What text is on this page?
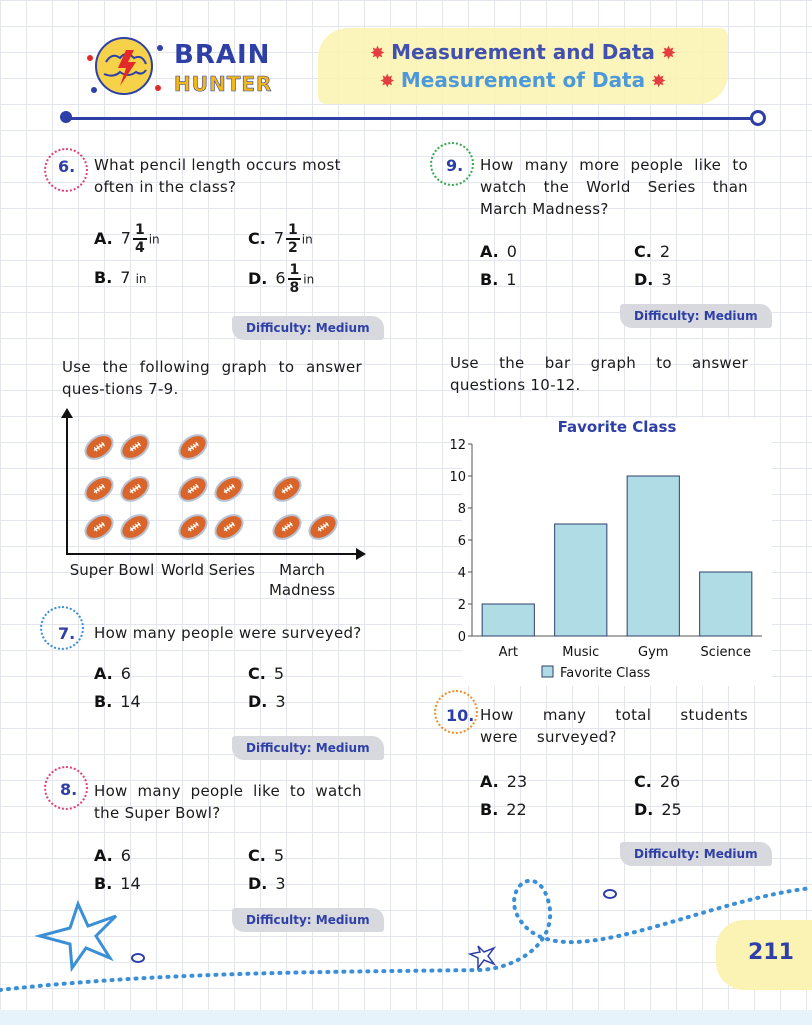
BRAIN
HUNTER
✸ Measurement and Data ✸
✸ Measurement of Data ✸
6. What pencil length occurs most often in the class?
A. $7 \frac{1}{4}$ in	C. $7 \frac{1}{2}$ in
B. 7 in	D. $6 \frac{1}{8}$ in
Difficulty: Medium
9. How many more people like to watch the World Series than March Madness?
A. 0	C. 2
B. 1	D. 3
Difficulty: Medium
Use the following graph to answer ques-tions 7-9.
Use the bar graph to answer questions 10-12.
Super Bowl World Series	March Madness
Favorite Class
0
2
4
6
8
10
12
Art	Music	Gym Science
Favorite Class
7. How many people were surveyed?
A. 6	C. 5
B. 14	D. 3
Difficulty: Medium
10. How many total students were surveyed?
A. 23	C. 26
B. 22	D. 25
Difficulty: Medium
8. How many people like to watch the Super Bowl?
A. 6	C. 5
B. 14	D. 3
Difficulty: Medium
211
